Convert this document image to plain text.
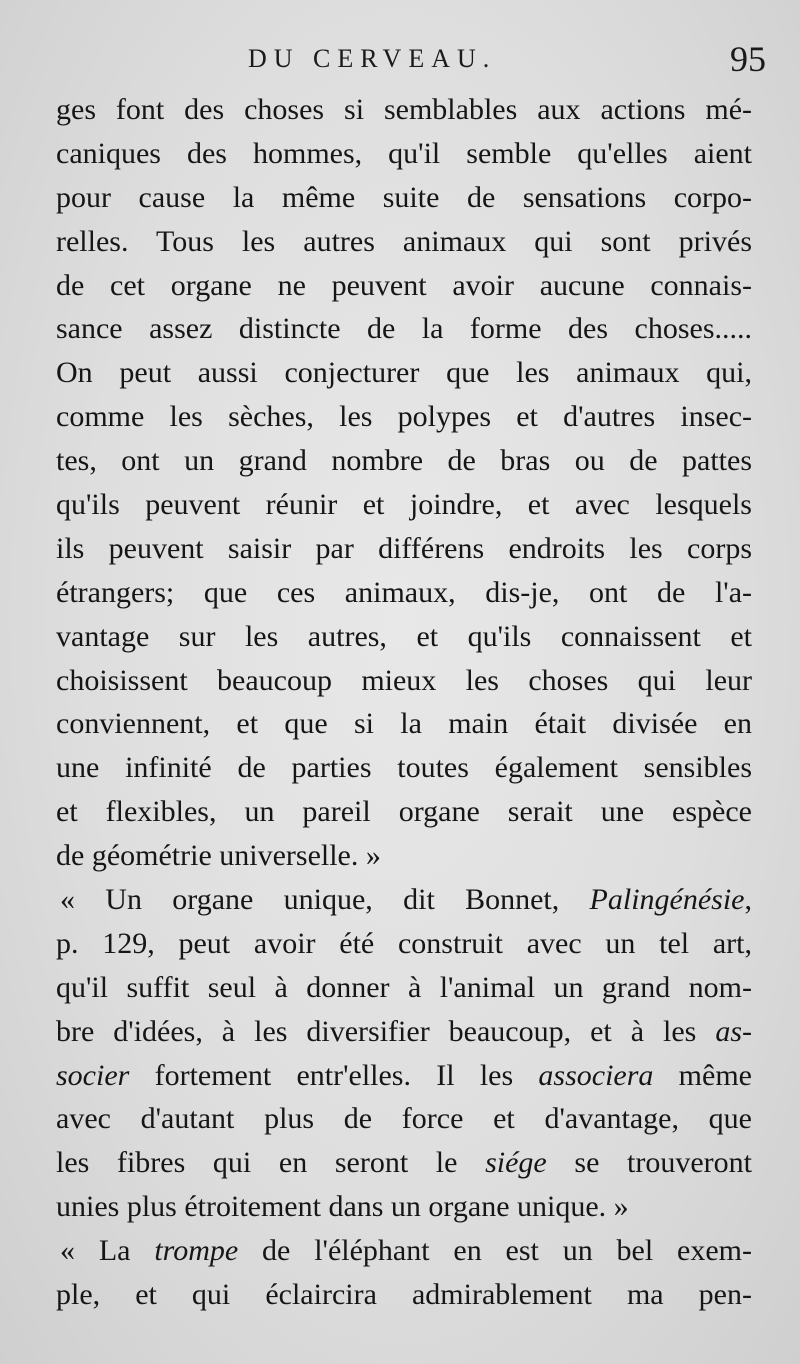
DU CERVEAU.	95
ges font des choses si semblables aux actions mé-
caniques des hommes, qu'il semble qu'elles aient
pour cause la même suite de sensations corpo-
relles. Tous les autres animaux qui sont privés
de cet organe ne peuvent avoir aucune connais-
sance assez distincte de la forme des choses.....
On peut aussi conjecturer que les animaux qui,
comme les sèches, les polypes et d'autres insec-
tes, ont un grand nombre de bras ou de pattes
qu'ils peuvent réunir et joindre, et avec lesquels
ils peuvent saisir par différens endroits les corps
étrangers; que ces animaux, dis-je, ont de l'a-
vantage sur les autres, et qu'ils connaissent et
choisissent beaucoup mieux les choses qui leur
conviennent, et que si la main était divisée en
une infinité de parties toutes également sensibles
et flexibles, un pareil organe serait une espèce
de géométrie universelle. »
« Un organe unique, dit Bonnet, Palingénésie,
p. 129, peut avoir été construit avec un tel art,
qu'il suffit seul à donner à l'animal un grand nom-
bre d'idées, à les diversifier beaucoup, et à les as-
socier fortement entr'elles. Il les associera même
avec d'autant plus de force et d'avantage, que
les fibres qui en seront le siége se trouveront
unies plus étroitement dans un organe unique. »
« La trompe de l'éléphant en est un bel exem-
ple, et qui éclaircira admirablement ma pen-
